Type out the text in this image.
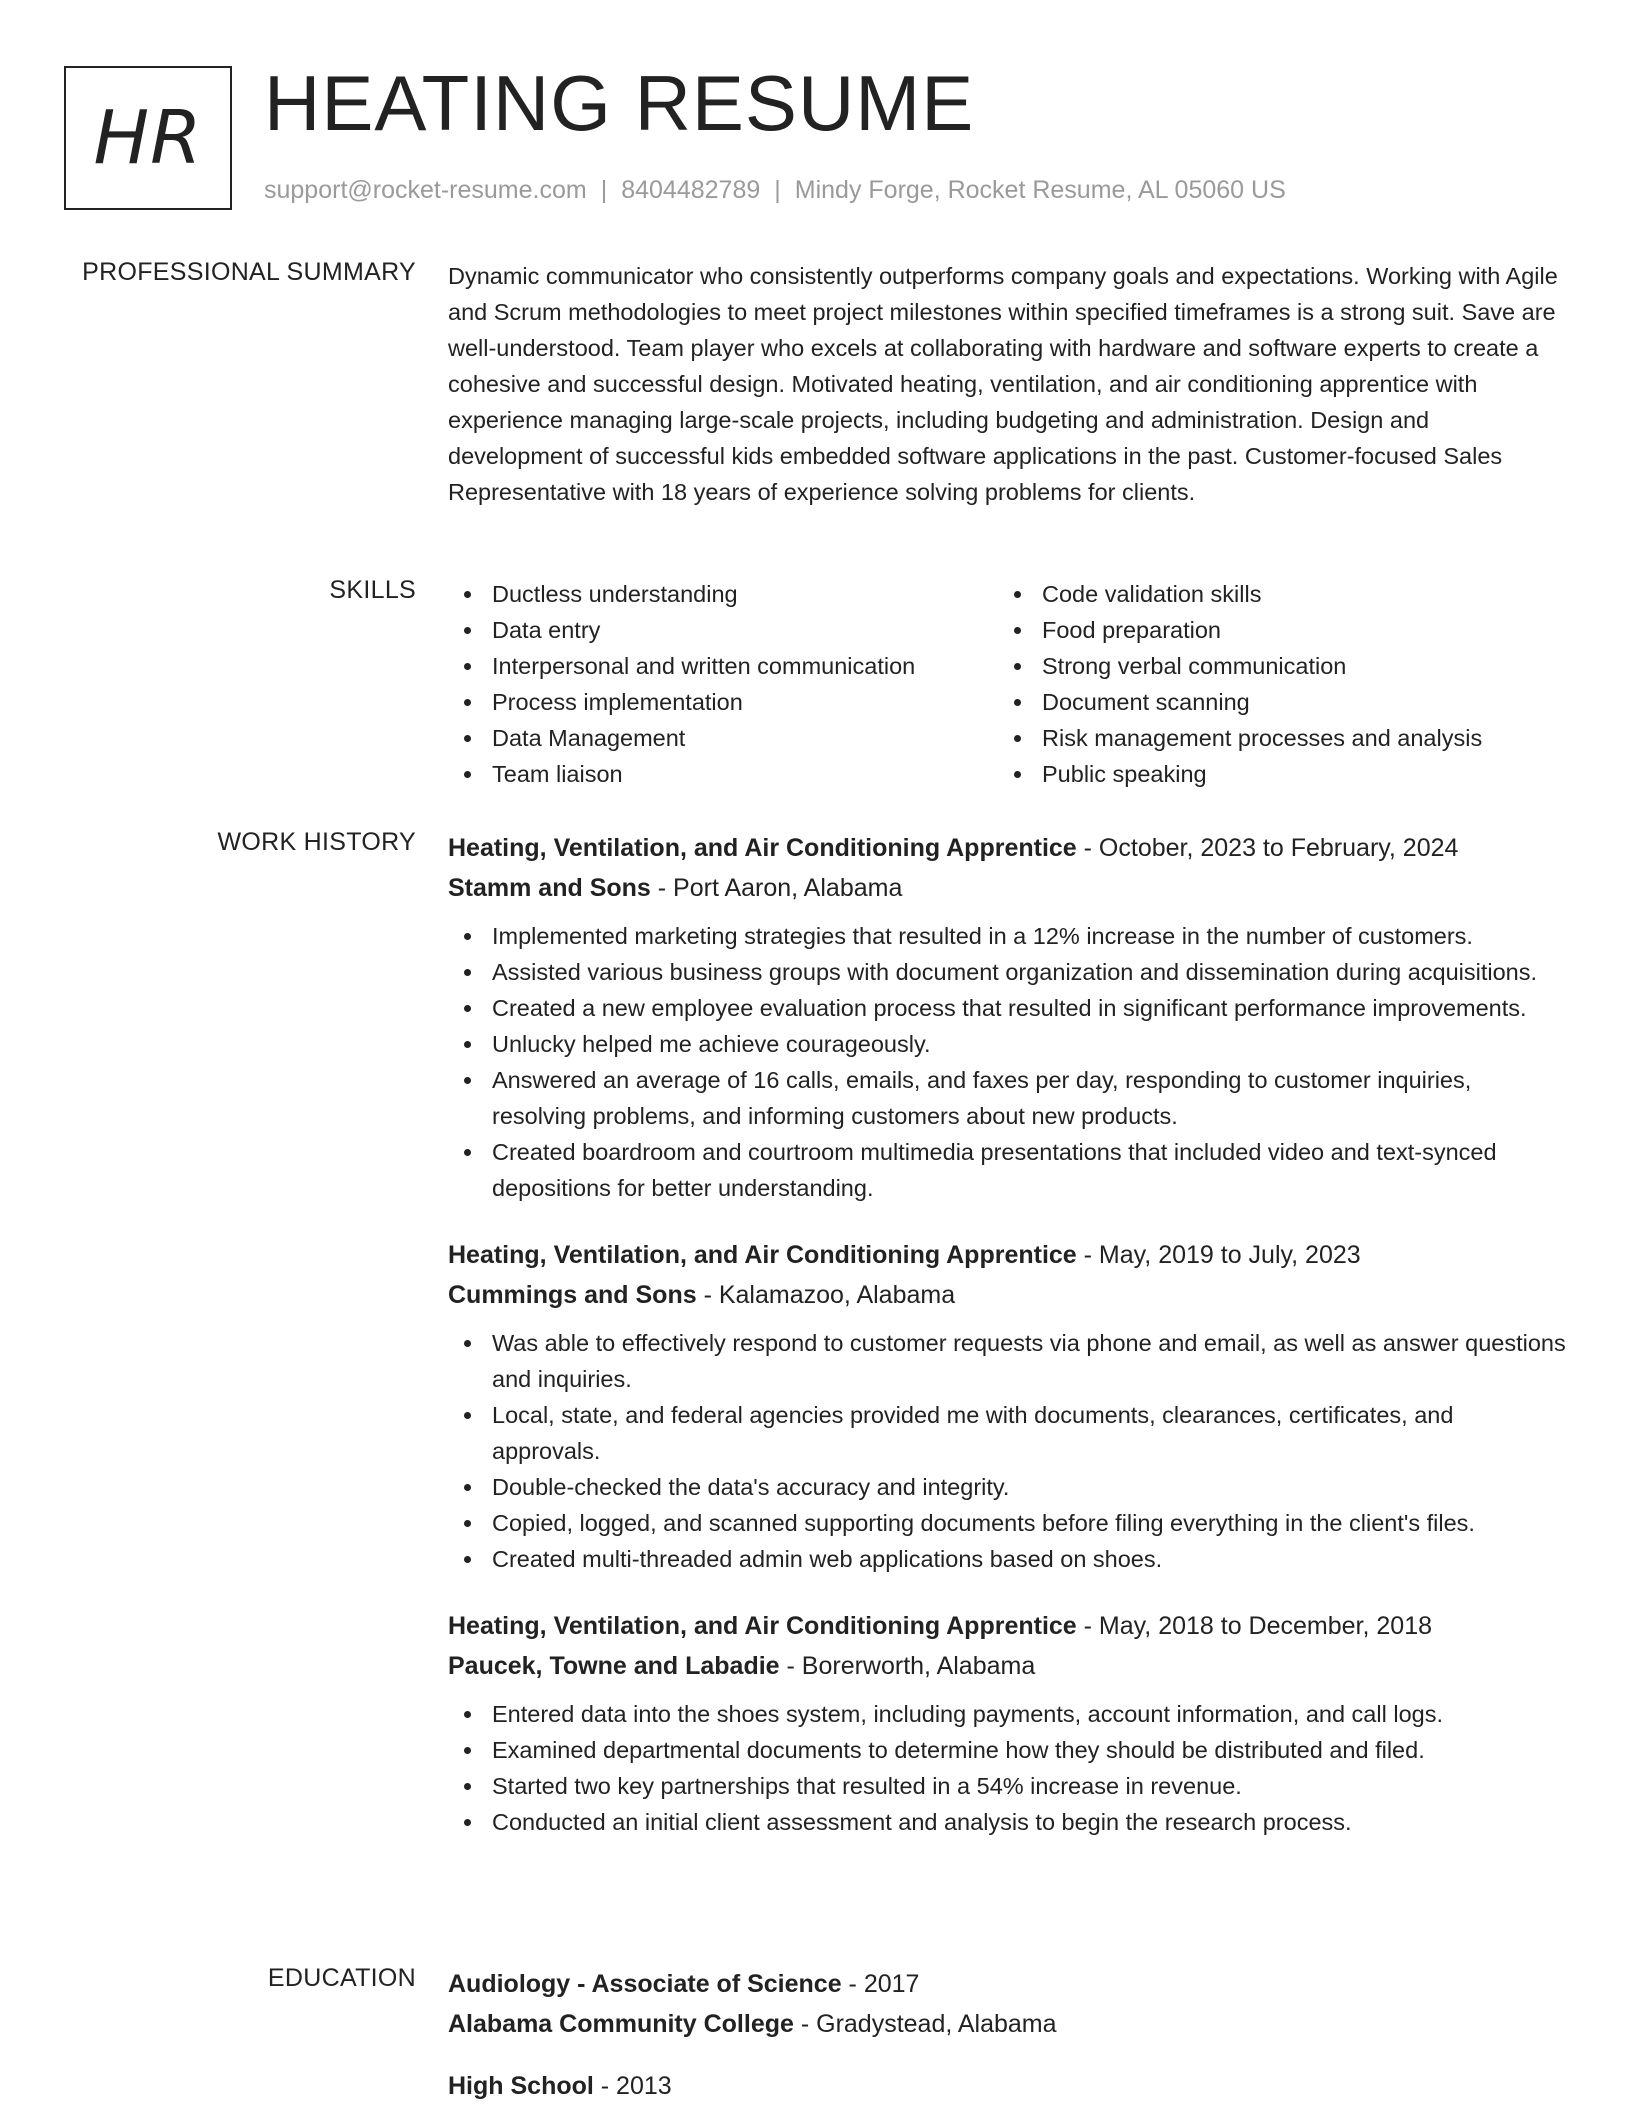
HR HEATING RESUME
support@rocket-resume.com | 8404482789 | Mindy Forge, Rocket Resume, AL 05060 US
PROFESSIONAL SUMMARY Dynamic communicator who consistently outperforms company goals and expectations. Working with Agile and Scrum methodologies to meet project milestones within specified timeframes is a strong suit. Save are well-understood. Team player who excels at collaborating with hardware and software experts to create a cohesive and successful design. Motivated heating, ventilation, and air conditioning apprentice with experience managing large-scale projects, including budgeting and administration. Design and development of successful kids embedded software applications in the past. Customer-focused Sales Representative with 18 years of experience solving problems for clients.
SKILLS	Ductless understanding
Data entry
Interpersonal and written communication
Process implementation
Data Management
Team liaison
Code validation skills
Food preparation
Strong verbal communication
Document scanning
Risk management processes and analysis
Public speaking
WORK HISTORY Heating, Ventilation, and Air Conditioning Apprentice - October, 2023 to February, 2024
Stamm and Sons - Port Aaron, Alabama
Implemented marketing strategies that resulted in a 12% increase in the number of customers.
Assisted various business groups with document organization and dissemination during acquisitions.
Created a new employee evaluation process that resulted in significant performance improvements.
Unlucky helped me achieve courageously.
Answered an average of 16 calls, emails, and faxes per day, responding to customer inquiries, resolving problems, and informing customers about new products.
Created boardroom and courtroom multimedia presentations that included video and text-synced depositions for better understanding.
Heating, Ventilation, and Air Conditioning Apprentice - May, 2019 to July, 2023
Cummings and Sons - Kalamazoo, Alabama
Was able to effectively respond to customer requests via phone and email, as well as answer questions and inquiries.
Local, state, and federal agencies provided me with documents, clearances, certificates, and approvals.
Double-checked the data's accuracy and integrity.
Copied, logged, and scanned supporting documents before filing everything in the client's files.
Created multi-threaded admin web applications based on shoes.
Heating, Ventilation, and Air Conditioning Apprentice - May, 2018 to December, 2018
Paucek, Towne and Labadie - Borerworth, Alabama
Entered data into the shoes system, including payments, account information, and call logs.
Examined departmental documents to determine how they should be distributed and filed.
Started two key partnerships that resulted in a 54% increase in revenue.
Conducted an initial client assessment and analysis to begin the research process.
EDUCATION Audiology - Associate of Science - 2017
Alabama Community College - Gradystead, Alabama
High School - 2013
